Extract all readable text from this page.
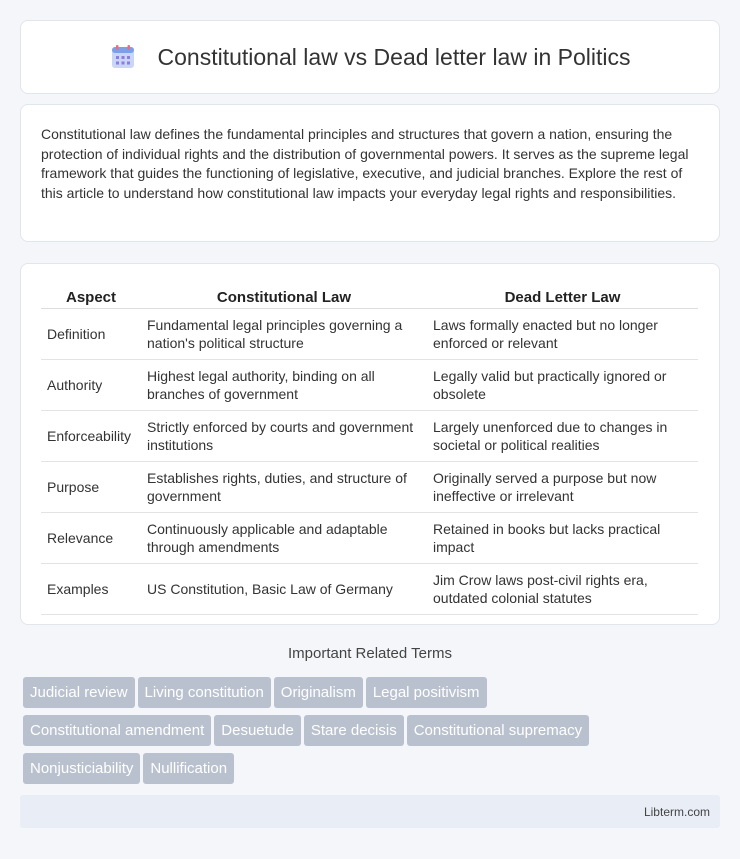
Constitutional law vs Dead letter law in Politics

Constitutional law defines the fundamental principles and structures that govern a nation, ensuring the protection of individual rights and the distribution of governmental powers. It serves as the supreme legal framework that guides the functioning of legislative, executive, and judicial branches. Explore the rest of this article to understand how constitutional law impacts your everyday legal rights and responsibilities.

Aspect	Constitutional Law	Dead Letter Law
Definition	Fundamental legal principles governing a nation's political structure	Laws formally enacted but no longer enforced or relevant
Authority	Highest legal authority, binding on all branches of government	Legally valid but practically ignored or obsolete
Enforceability	Strictly enforced by courts and government institutions	Largely unenforced due to changes in societal or political realities
Purpose	Establishes rights, duties, and structure of government	Originally served a purpose but now ineffective or irrelevant
Relevance	Continuously applicable and adaptable through amendments	Retained in books but lacks practical impact
Examples	US Constitution, Basic Law of Germany	Jim Crow laws post-civil rights era, outdated colonial statutes
Important Related Terms
Judicial review Living constitution Originalism Legal positivism
Constitutional amendment Desuetude Stare decisis Constitutional supremacy
Nonjusticiability Nullification
Libterm.com
